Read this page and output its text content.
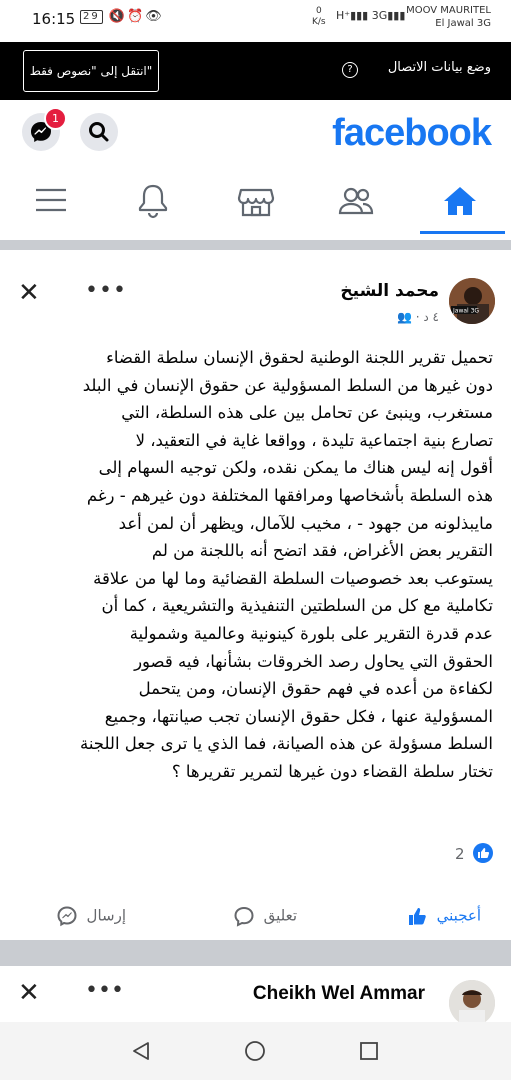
16:15 29 🔇⏰👁	0
K/s H⁺▮▮▮ 3G▮▮▮ MOOV MAURITEL
El Jawal 3G
انتقل إلى "نصوص فقط"	?	وضع بيانات الاتصال
facebook
1
Jawal 3G
محمد الشيخ
٤ د · 👥
•••
✕
تحميل تقرير اللجنة الوطنية لحقوق الإنسان سلطة القضاء
دون غيرها من السلط المسؤولية عن حقوق الإنسان في البلد
مستغرب، وينبئ عن تحامل بين على هذه السلطة، التي
تصارع بنية اجتماعية تليدة ، وواقعا غاية في التعقيد، لا
أقول إنه ليس هناك ما يمكن نقده، ولكن توجيه السهام إلى
هذه السلطة بأشخاصها ومرافقها المختلفة دون غيرهم - رغم
مايبذلونه من جهود - ، مخيب للآمال، ويظهر أن لمن أعد
التقرير بعض الأغراض، فقد اتضح أنه باللجنة من لم
يستوعب بعد خصوصيات السلطة القضائية وما لها من علاقة
تكاملية مع كل من السلطتين التنفيذية والتشريعية ، كما أن
عدم قدرة التقرير على بلورة كينونية وعالمية وشمولية
الحقوق التي يحاول رصد الخروقات بشأنها، فيه قصور
لكفاءة من أعده في فهم حقوق الإنسان، ومن يتحمل
المسؤولية عنها ، فكل حقوق الإنسان تجب صيانتها، وجميع
السلط مسؤولة عن هذه الصيانة، فما الذي يا ترى جعل اللجنة
تختار سلطة القضاء دون غيرها لتمرير تقريرها ؟
2
أعجبني
تعليق
إرسال
Cheikh Wel Ammar
•••
✕
